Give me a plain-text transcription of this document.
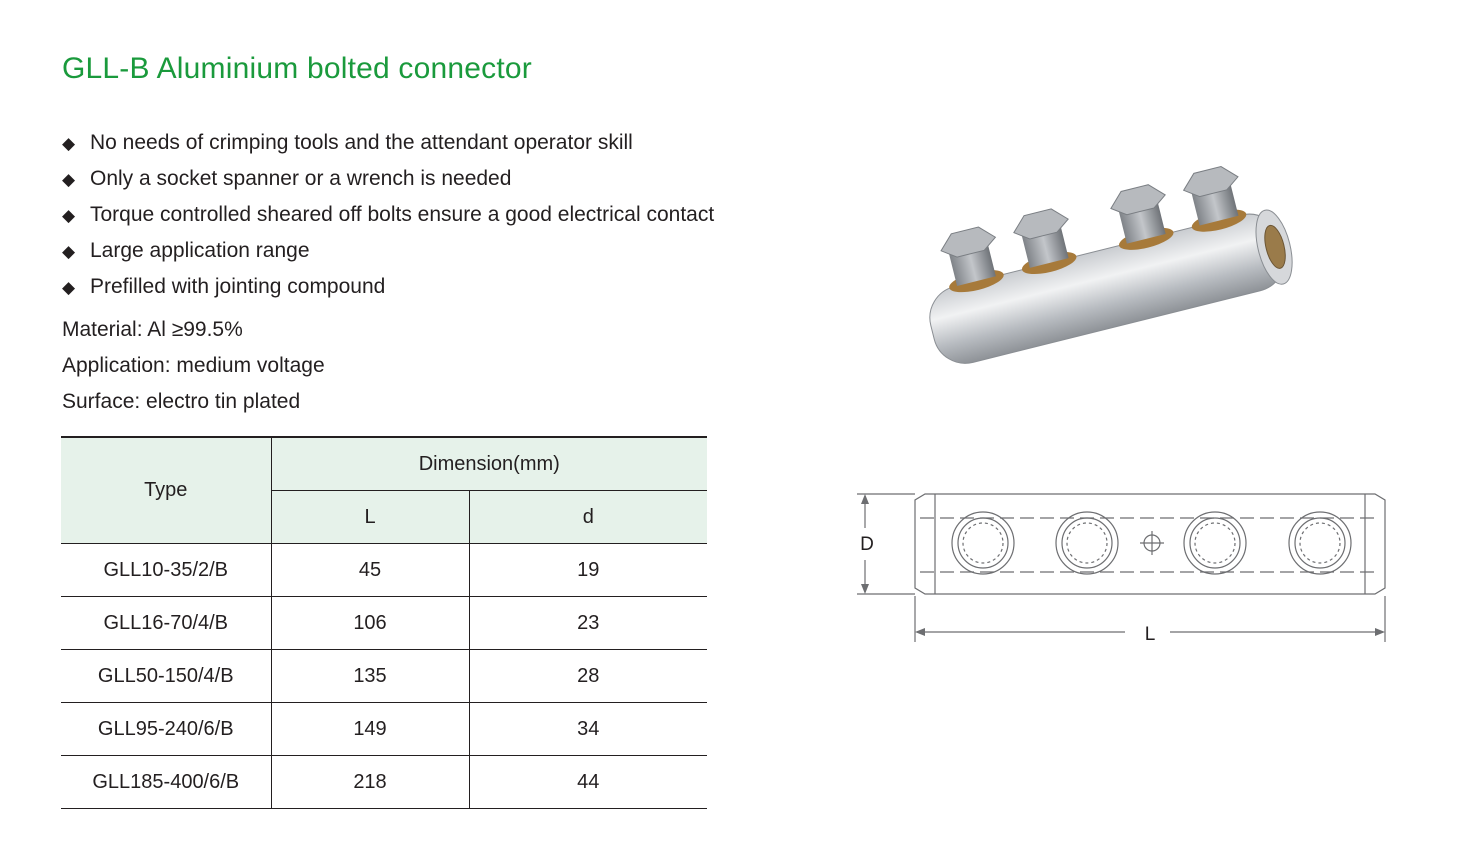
GLL-B Aluminium bolted connector
◆ No needs of crimping tools and the attendant operator skill
◆ Only a socket spanner or a wrench is needed
◆ Torque controlled sheared off bolts ensure a good electrical contact
◆ Large application range
◆ Prefilled with jointing compound
Material: Al ≥99.5%
Application: medium voltage
Surface: electro tin plated
Type	Dimension(mm)	
	L	d
GLL10-35/2/B	45	19
GLL16-70/4/B	106	23
GLL50-150/4/B	135	28
GLL95-240/6/B	149	34
GLL185-400/6/B	218	44
D
L
